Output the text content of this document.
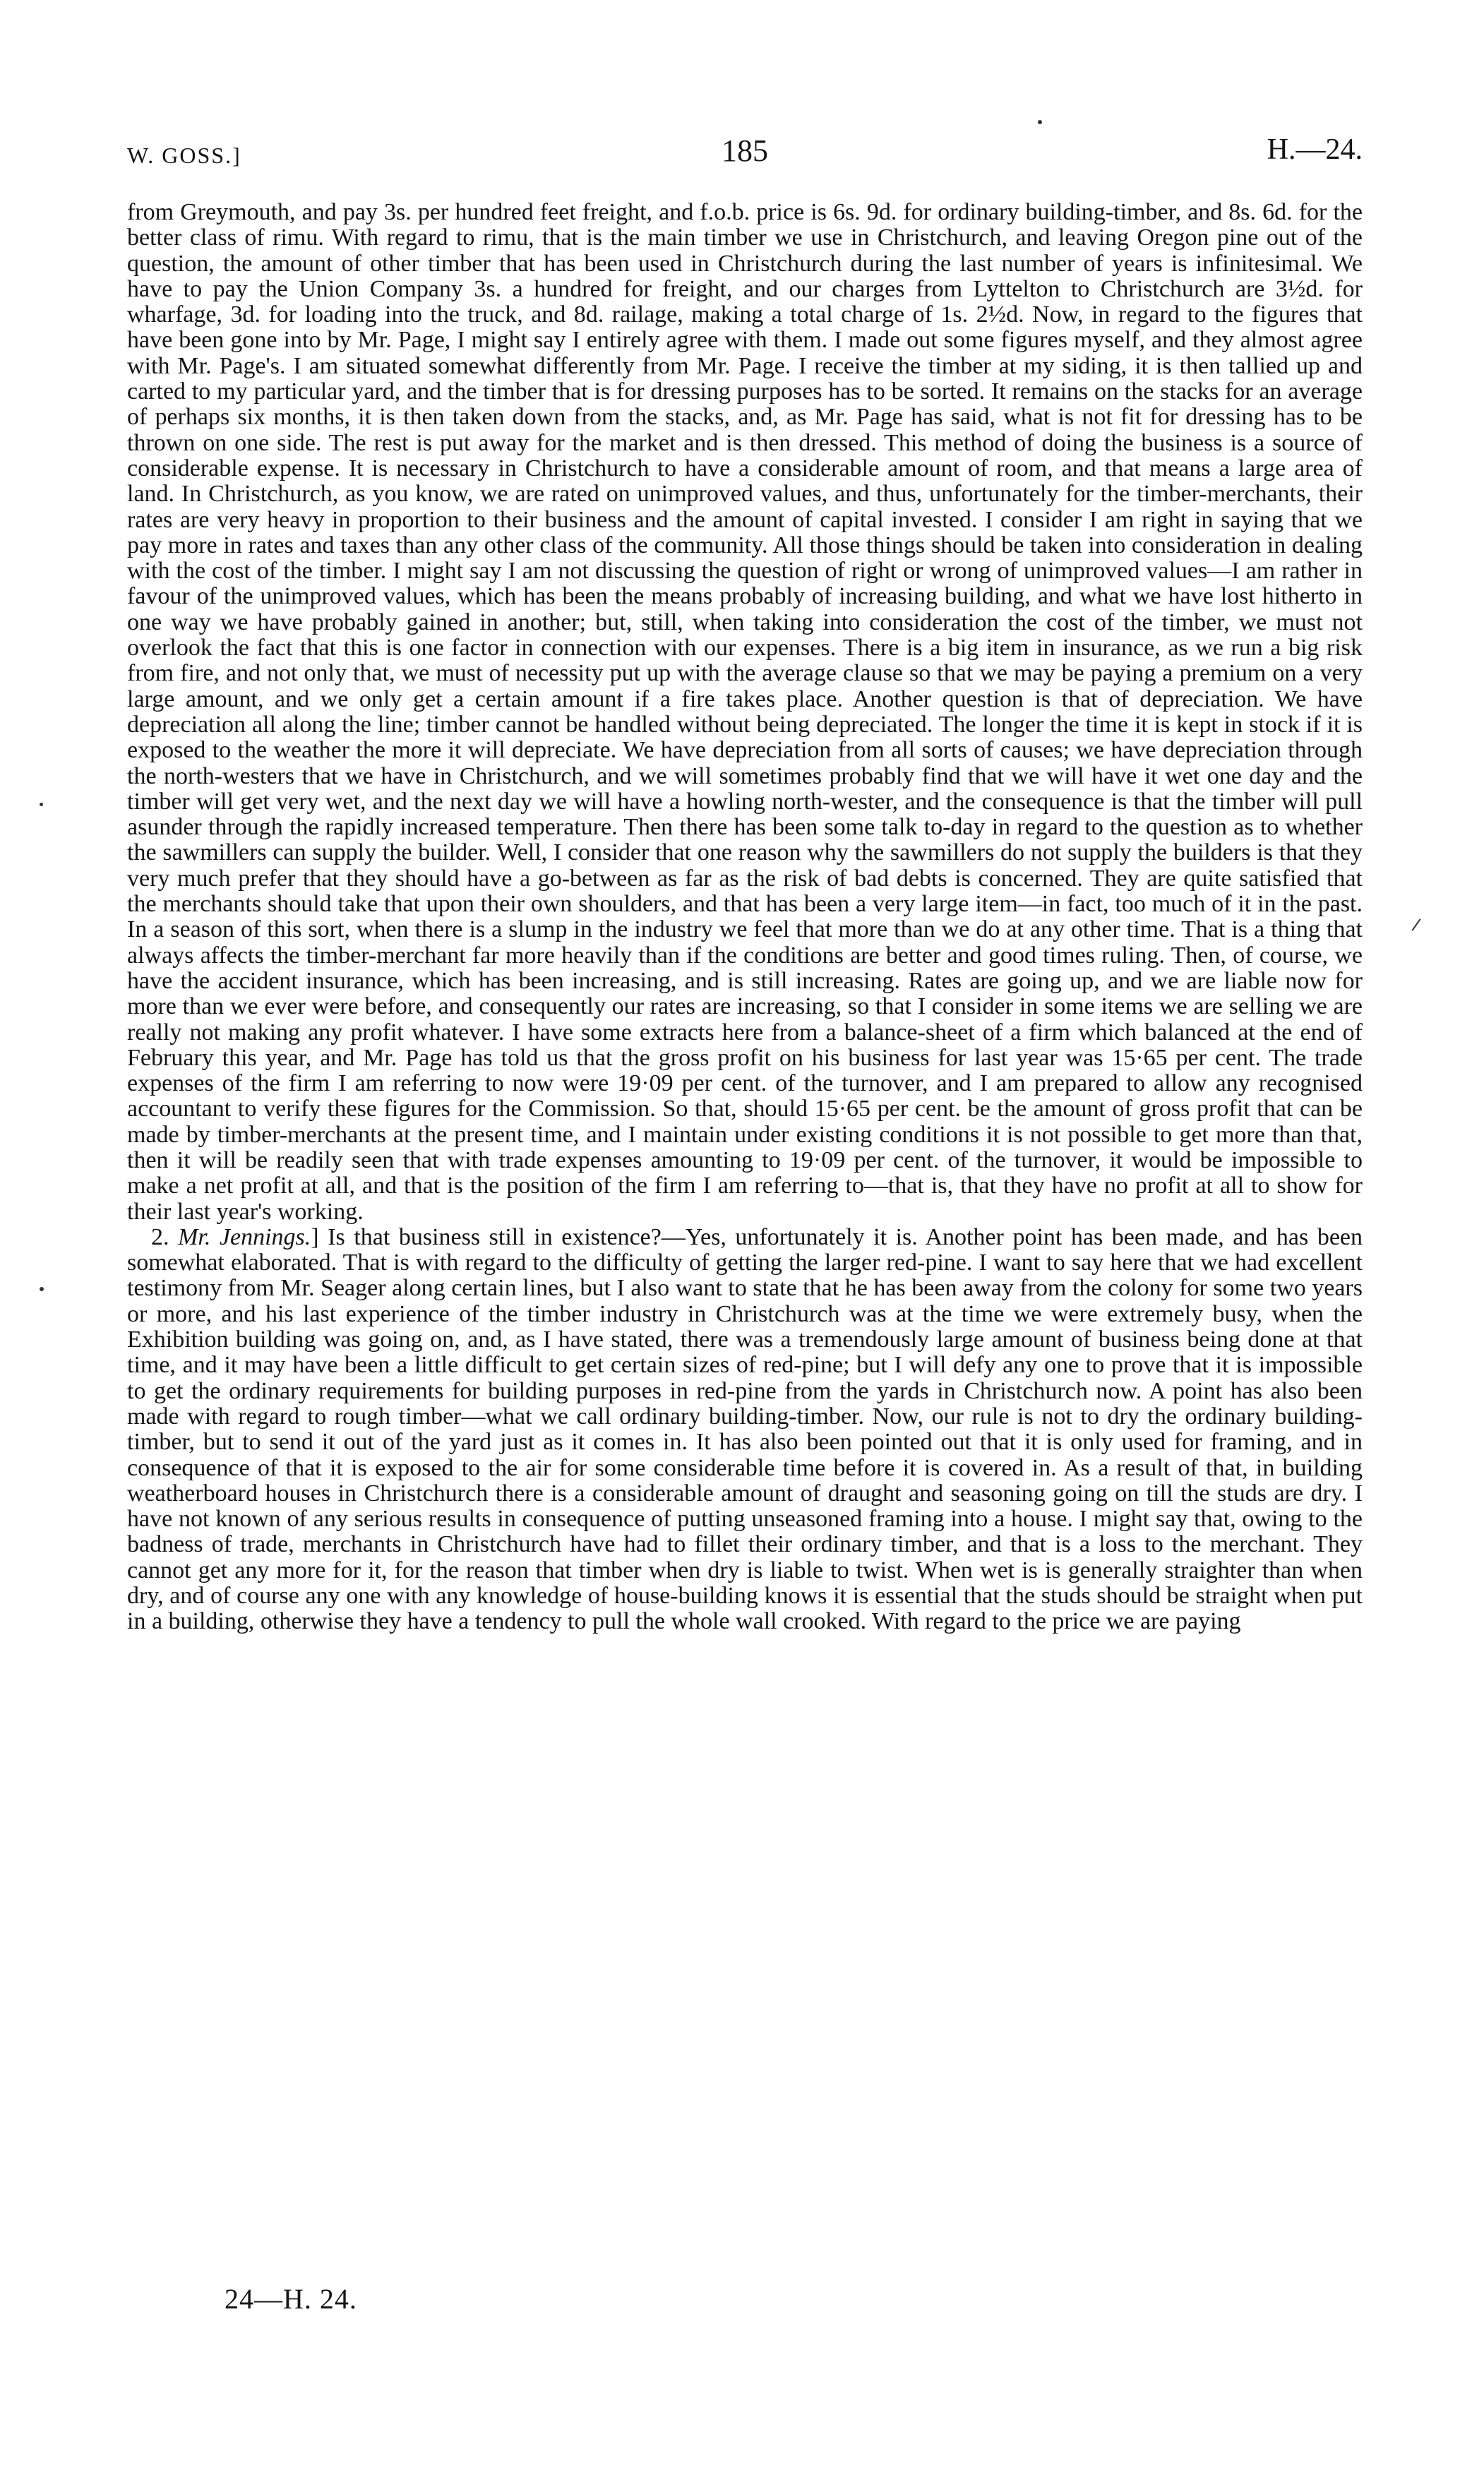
W. GOSS.]	185	H.—24.

from Greymouth, and pay 3s. per hundred feet freight, and f.o.b. price is 6s. 9d. for ordinary building-timber, and 8s. 6d. for the better class of rimu. With regard to rimu, that is the main timber we use in Christchurch, and leaving Oregon pine out of the question, the amount of other timber that has been used in Christchurch during the last number of years is infinitesimal. We have to pay the Union Company 3s. a hundred for freight, and our charges from Lyttelton to Christchurch are 3½d. for wharfage, 3d. for loading into the truck, and 8d. railage, making a total charge of 1s. 2½d. Now, in regard to the figures that have been gone into by Mr. Page, I might say I entirely agree with them. I made out some figures myself, and they almost agree with Mr. Page's. I am situated somewhat differently from Mr. Page. I receive the timber at my siding, it is then tallied up and carted to my particular yard, and the timber that is for dressing purposes has to be sorted. It remains on the stacks for an average of perhaps six months, it is then taken down from the stacks, and, as Mr. Page has said, what is not fit for dressing has to be thrown on one side. The rest is put away for the market and is then dressed. This method of doing the business is a source of considerable expense. It is necessary in Christchurch to have a considerable amount of room, and that means a large area of land. In Christchurch, as you know, we are rated on unimproved values, and thus, unfortunately for the timber-merchants, their rates are very heavy in proportion to their business and the amount of capital invested. I consider I am right in saying that we pay more in rates and taxes than any other class of the community. All those things should be taken into consideration in dealing with the cost of the timber. I might say I am not discussing the question of right or wrong of unimproved values—I am rather in favour of the unimproved values, which has been the means probably of increasing building, and what we have lost hitherto in one way we have probably gained in another; but, still, when taking into consideration the cost of the timber, we must not overlook the fact that this is one factor in connection with our expenses. There is a big item in insurance, as we run a big risk from fire, and not only that, we must of necessity put up with the average clause so that we may be paying a premium on a very large amount, and we only get a certain amount if a fire takes place. Another question is that of depreciation. We have depreciation all along the line; timber cannot be handled without being depreciated. The longer the time it is kept in stock if it is exposed to the weather the more it will depreciate. We have depreciation from all sorts of causes; we have depreciation through the north-westers that we have in Christchurch, and we will sometimes probably find that we will have it wet one day and the timber will get very wet, and the next day we will have a howling north-wester, and the consequence is that the timber will pull asunder through the rapidly increased temperature. Then there has been some talk to-day in regard to the question as to whether the sawmillers can supply the builder. Well, I consider that one reason why the sawmillers do not supply the builders is that they very much prefer that they should have a go-between as far as the risk of bad debts is concerned. They are quite satisfied that the merchants should take that upon their own shoulders, and that has been a very large item—in fact, too much of it in the past. In a season of this sort, when there is a slump in the industry we feel that more than we do at any other time. That is a thing that always affects the timber-merchant far more heavily than if the conditions are better and good times ruling. Then, of course, we have the accident insurance, which has been increasing, and is still increasing. Rates are going up, and we are liable now for more than we ever were before, and consequently our rates are increasing, so that I consider in some items we are selling we are really not making any profit whatever. I have some extracts here from a balance-sheet of a firm which balanced at the end of February this year, and Mr. Page has told us that the gross profit on his business for last year was 15·65 per cent. The trade expenses of the firm I am referring to now were 19·09 per cent. of the turnover, and I am prepared to allow any recognised accountant to verify these figures for the Commission. So that, should 15·65 per cent. be the amount of gross profit that can be made by timber-merchants at the present time, and I maintain under existing conditions it is not possible to get more than that, then it will be readily seen that with trade expenses amounting to 19·09 per cent. of the turnover, it would be impossible to make a net profit at all, and that is the position of the firm I am referring to—that is, that they have no profit at all to show for their last year's working.

2. Mr. Jennings.] Is that business still in existence?—Yes, unfortunately it is. Another point has been made, and has been somewhat elaborated. That is with regard to the difficulty of getting the larger red-pine. I want to say here that we had excellent testimony from Mr. Seager along certain lines, but I also want to state that he has been away from the colony for some two years or more, and his last experience of the timber industry in Christchurch was at the time we were extremely busy, when the Exhibition building was going on, and, as I have stated, there was a tremendously large amount of business being done at that time, and it may have been a little difficult to get certain sizes of red-pine; but I will defy any one to prove that it is impossible to get the ordinary requirements for building purposes in red-pine from the yards in Christchurch now. A point has also been made with regard to rough timber—what we call ordinary building-timber. Now, our rule is not to dry the ordinary building-timber, but to send it out of the yard just as it comes in. It has also been pointed out that it is only used for framing, and in consequence of that it is exposed to the air for some considerable time before it is covered in. As a result of that, in building weatherboard houses in Christchurch there is a considerable amount of draught and seasoning going on till the studs are dry. I have not known of any serious results in consequence of putting unseasoned framing into a house. I might say that, owing to the badness of trade, merchants in Christchurch have had to fillet their ordinary timber, and that is a loss to the merchant. They cannot get any more for it, for the reason that timber when dry is liable to twist. When wet is is generally straighter than when dry, and of course any one with any knowledge of house-building knows it is essential that the studs should be straight when put in a building, otherwise they have a tendency to pull the whole wall crooked. With regard to the price we are paying

24—H. 24.
